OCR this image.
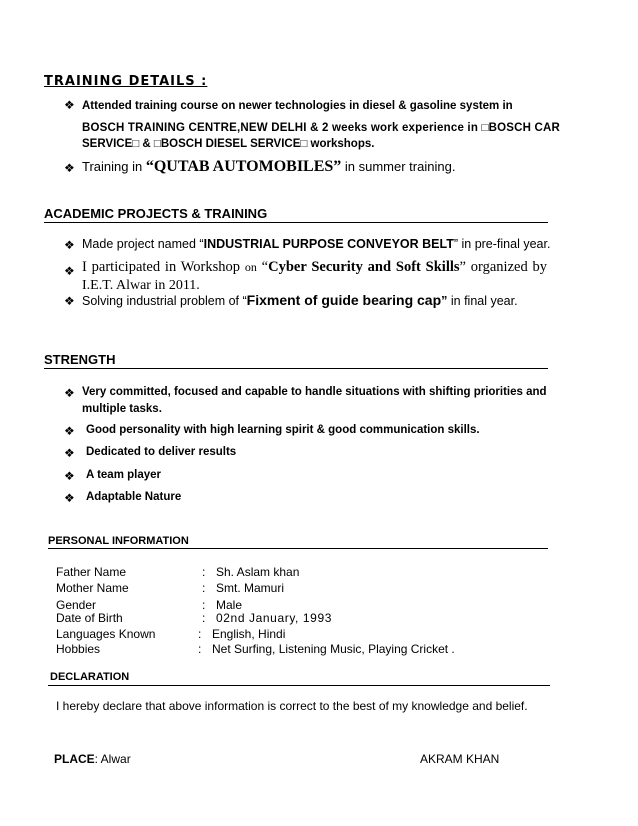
TRAINING DETAILS :
❖ Attended training course on newer technologies in diesel & gasoline system in
BOSCH TRAINING CENTRE,NEW DELHI & 2 weeks work experience in □BOSCH CAR
SERVICE□ & □BOSCH DIESEL SERVICE□ workshops.
❖ Training in “QUTAB AUTOMOBILES” in summer training.
ACADEMIC PROJECTS & TRAINING
❖ Made project named “INDUSTRIAL PURPOSE CONVEYOR BELT” in pre-final year.
❖ I participated in Workshop on “Cyber Security and Soft Skills” organized by
I.E.T. Alwar in 2011.
❖ Solving industrial problem of “Fixment of guide bearing cap” in final year.
STRENGTH
❖ Very committed, focused and capable to handle situations with shifting priorities and
multiple tasks.
❖ Good personality with high learning spirit & good communication skills.
❖ Dedicated to deliver results
❖ A team player
❖ Adaptable Nature
PERSONAL INFORMATION
Father Name	: Sh. Aslam khan
Mother Name	: Smt. Mamuri
Gender	: Male
Date of Birth	: 02nd January, 1993
Languages Known	: English, Hindi
Hobbies	: Net Surfing, Listening Music, Playing Cricket .
DECLARATION
I hereby declare that above information is correct to the best of my knowledge and belief.
PLACE: Alwar	AKRAM KHAN
